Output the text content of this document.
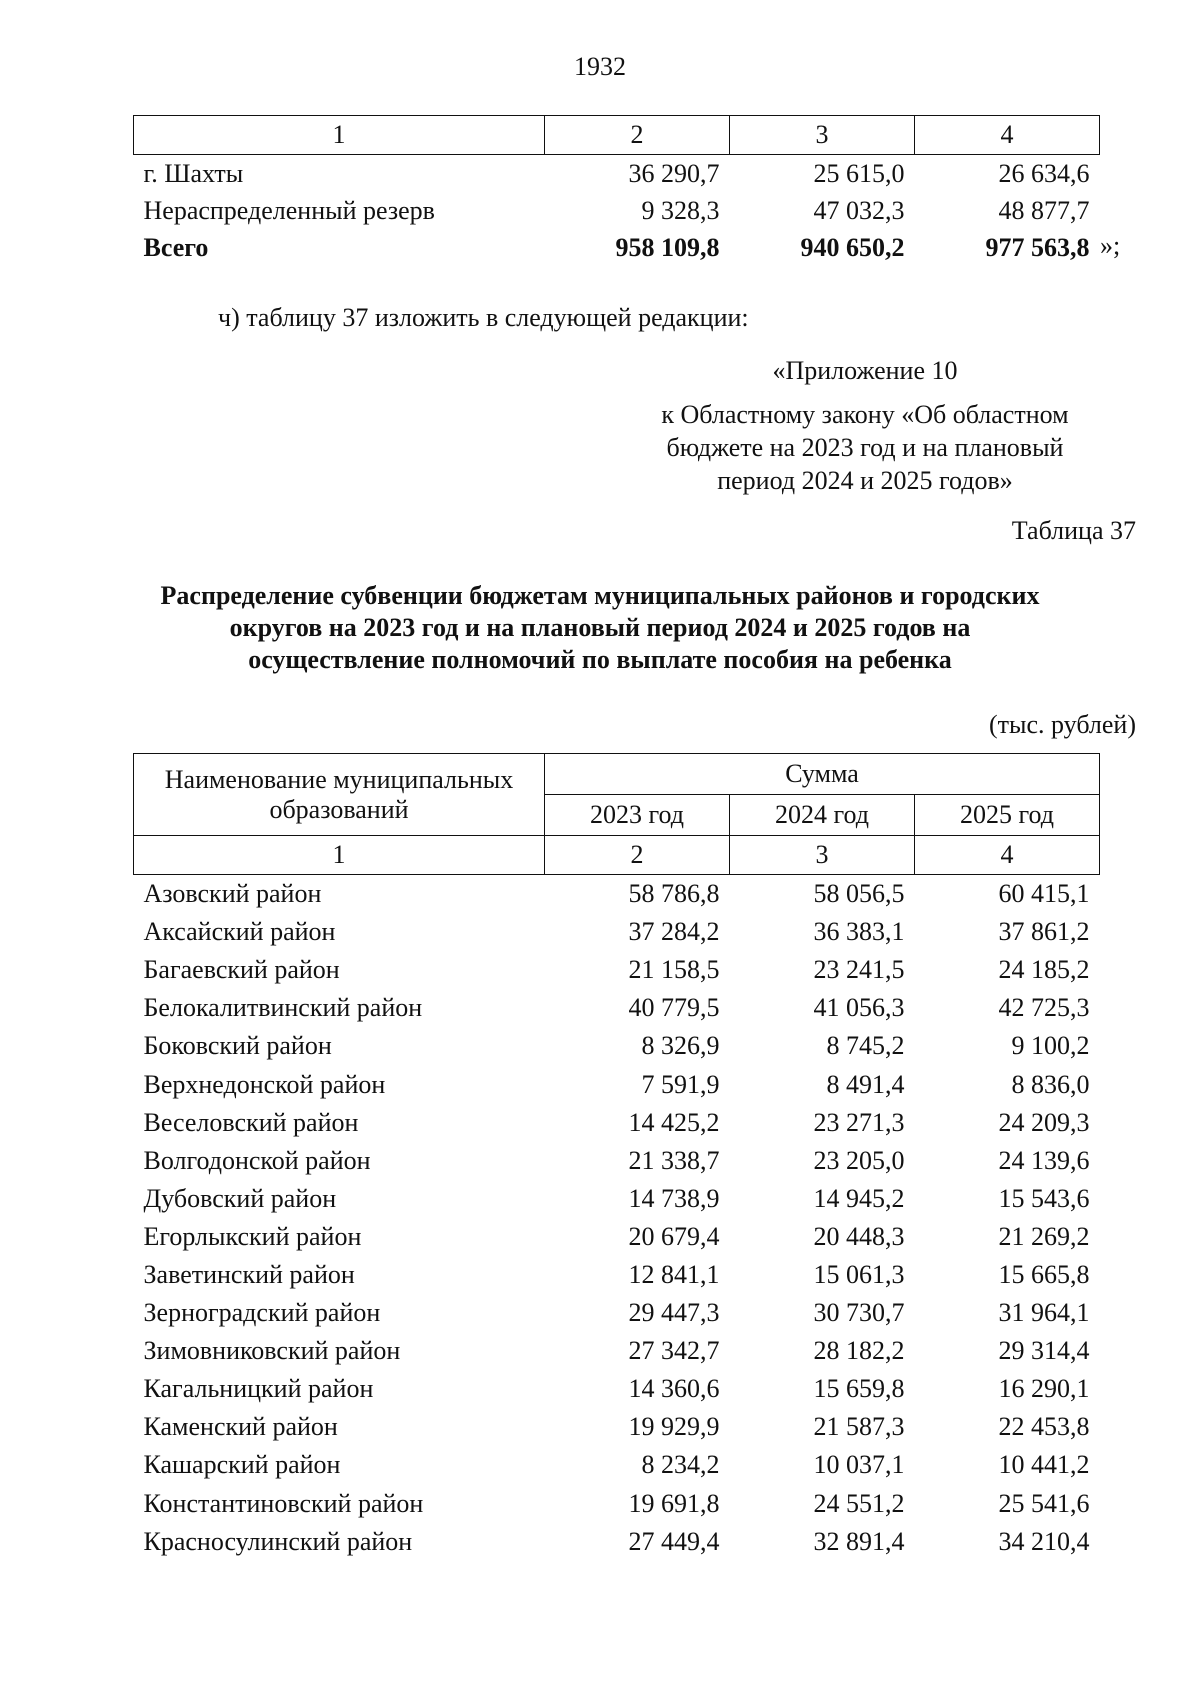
1932
1	2	3	4
г. Шахты	36 290,7	25 615,0	26 634,6
Нераспределенный резерв	9 328,3	47 032,3	48 877,7
Всего	958 109,8	940 650,2	977 563,8 »;
ч) таблицу 37 изложить в следующей редакции:
«Приложение 10
к Областному закону «Об областном
бюджете на 2023 год и на плановый
период 2024 и 2025 годов»
Таблица 37
Распределение субвенции бюджетам муниципальных районов и городских
округов на 2023 год и на плановый период 2024 и 2025 годов на
осуществление полномочий по выплате пособия на ребенка
(тыс. рублей)
Наименование муниципальных
образований	Сумма		
	2023 год	2024 год	2025 год
1	2	3	4
Азовский район	58 786,8	58 056,5	60 415,1
Аксайский район	37 284,2	36 383,1	37 861,2
Багаевский район	21 158,5	23 241,5	24 185,2
Белокалитвинский район	40 779,5	41 056,3	42 725,3
Боковский район	8 326,9	8 745,2	9 100,2
Верхнедонской район	7 591,9	8 491,4	8 836,0
Веселовский район	14 425,2	23 271,3	24 209,3
Волгодонской район	21 338,7	23 205,0	24 139,6
Дубовский район	14 738,9	14 945,2	15 543,6
Егорлыкский район	20 679,4	20 448,3	21 269,2
Заветинский район	12 841,1	15 061,3	15 665,8
Зерноградский район	29 447,3	30 730,7	31 964,1
Зимовниковский район	27 342,7	28 182,2	29 314,4
Кагальницкий район	14 360,6	15 659,8	16 290,1
Каменский район	19 929,9	21 587,3	22 453,8
Кашарский район	8 234,2	10 037,1	10 441,2
Константиновский район	19 691,8	24 551,2	25 541,6
Красносулинский район	27 449,4	32 891,4	34 210,4
